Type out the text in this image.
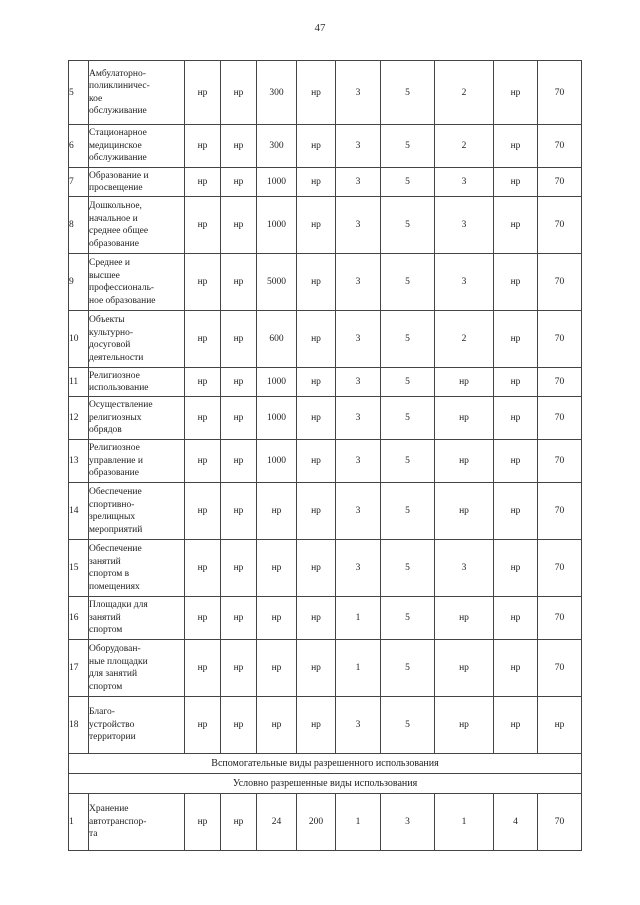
47
5	Амбулаторно-
поликлиничес-
кое
обслуживание	нр	нр	300	нр	3	5	2	нр	70
6	Стационарное
медицинское
обслуживание	нр	нр	300	нр	3	5	2	нр	70
7	Образование и
просвещение	нр	нр	1000	нр	3	5	3	нр	70
8	Дошкольное,
начальное и
среднее общее
образование	нр	нр	1000	нр	3	5	3	нр	70
9	Среднее и
высшее
профессиональ-
ное образование	нр	нр	5000	нр	3	5	3	нр	70
10	Объекты
культурно-
досуговой
деятельности	нр	нр	600	нр	3	5	2	нр	70
11	Религиозное
использование	нр	нр	1000	нр	3	5	нр	нр	70
12	Осуществление
религиозных
обрядов	нр	нр	1000	нр	3	5	нр	нр	70
13	Религиозное
управление и
образование	нр	нр	1000	нр	3	5	нр	нр	70
14	Обеспечение
спортивно-
зрелищных
мероприятий	нр	нр	нр	нр	3	5	нр	нр	70
15	Обеспечение
занятий
спортом в
помещениях	нр	нр	нр	нр	3	5	3	нр	70
16	Площадки для
занятий
спортом	нр	нр	нр	нр	1	5	нр	нр	70
17	Оборудован-
ные площадки
для занятий
спортом	нр	нр	нр	нр	1	5	нр	нр	70
18	Благо-
устройство
территории	нр	нр	нр	нр	3	5	нр	нр	нр
Вспомогательные виды разрешенного использования										
Условно разрешенные виды использования										
1	Хранение
автотранспор-
та	нр	нр	24	200	1	3	1	4	70
